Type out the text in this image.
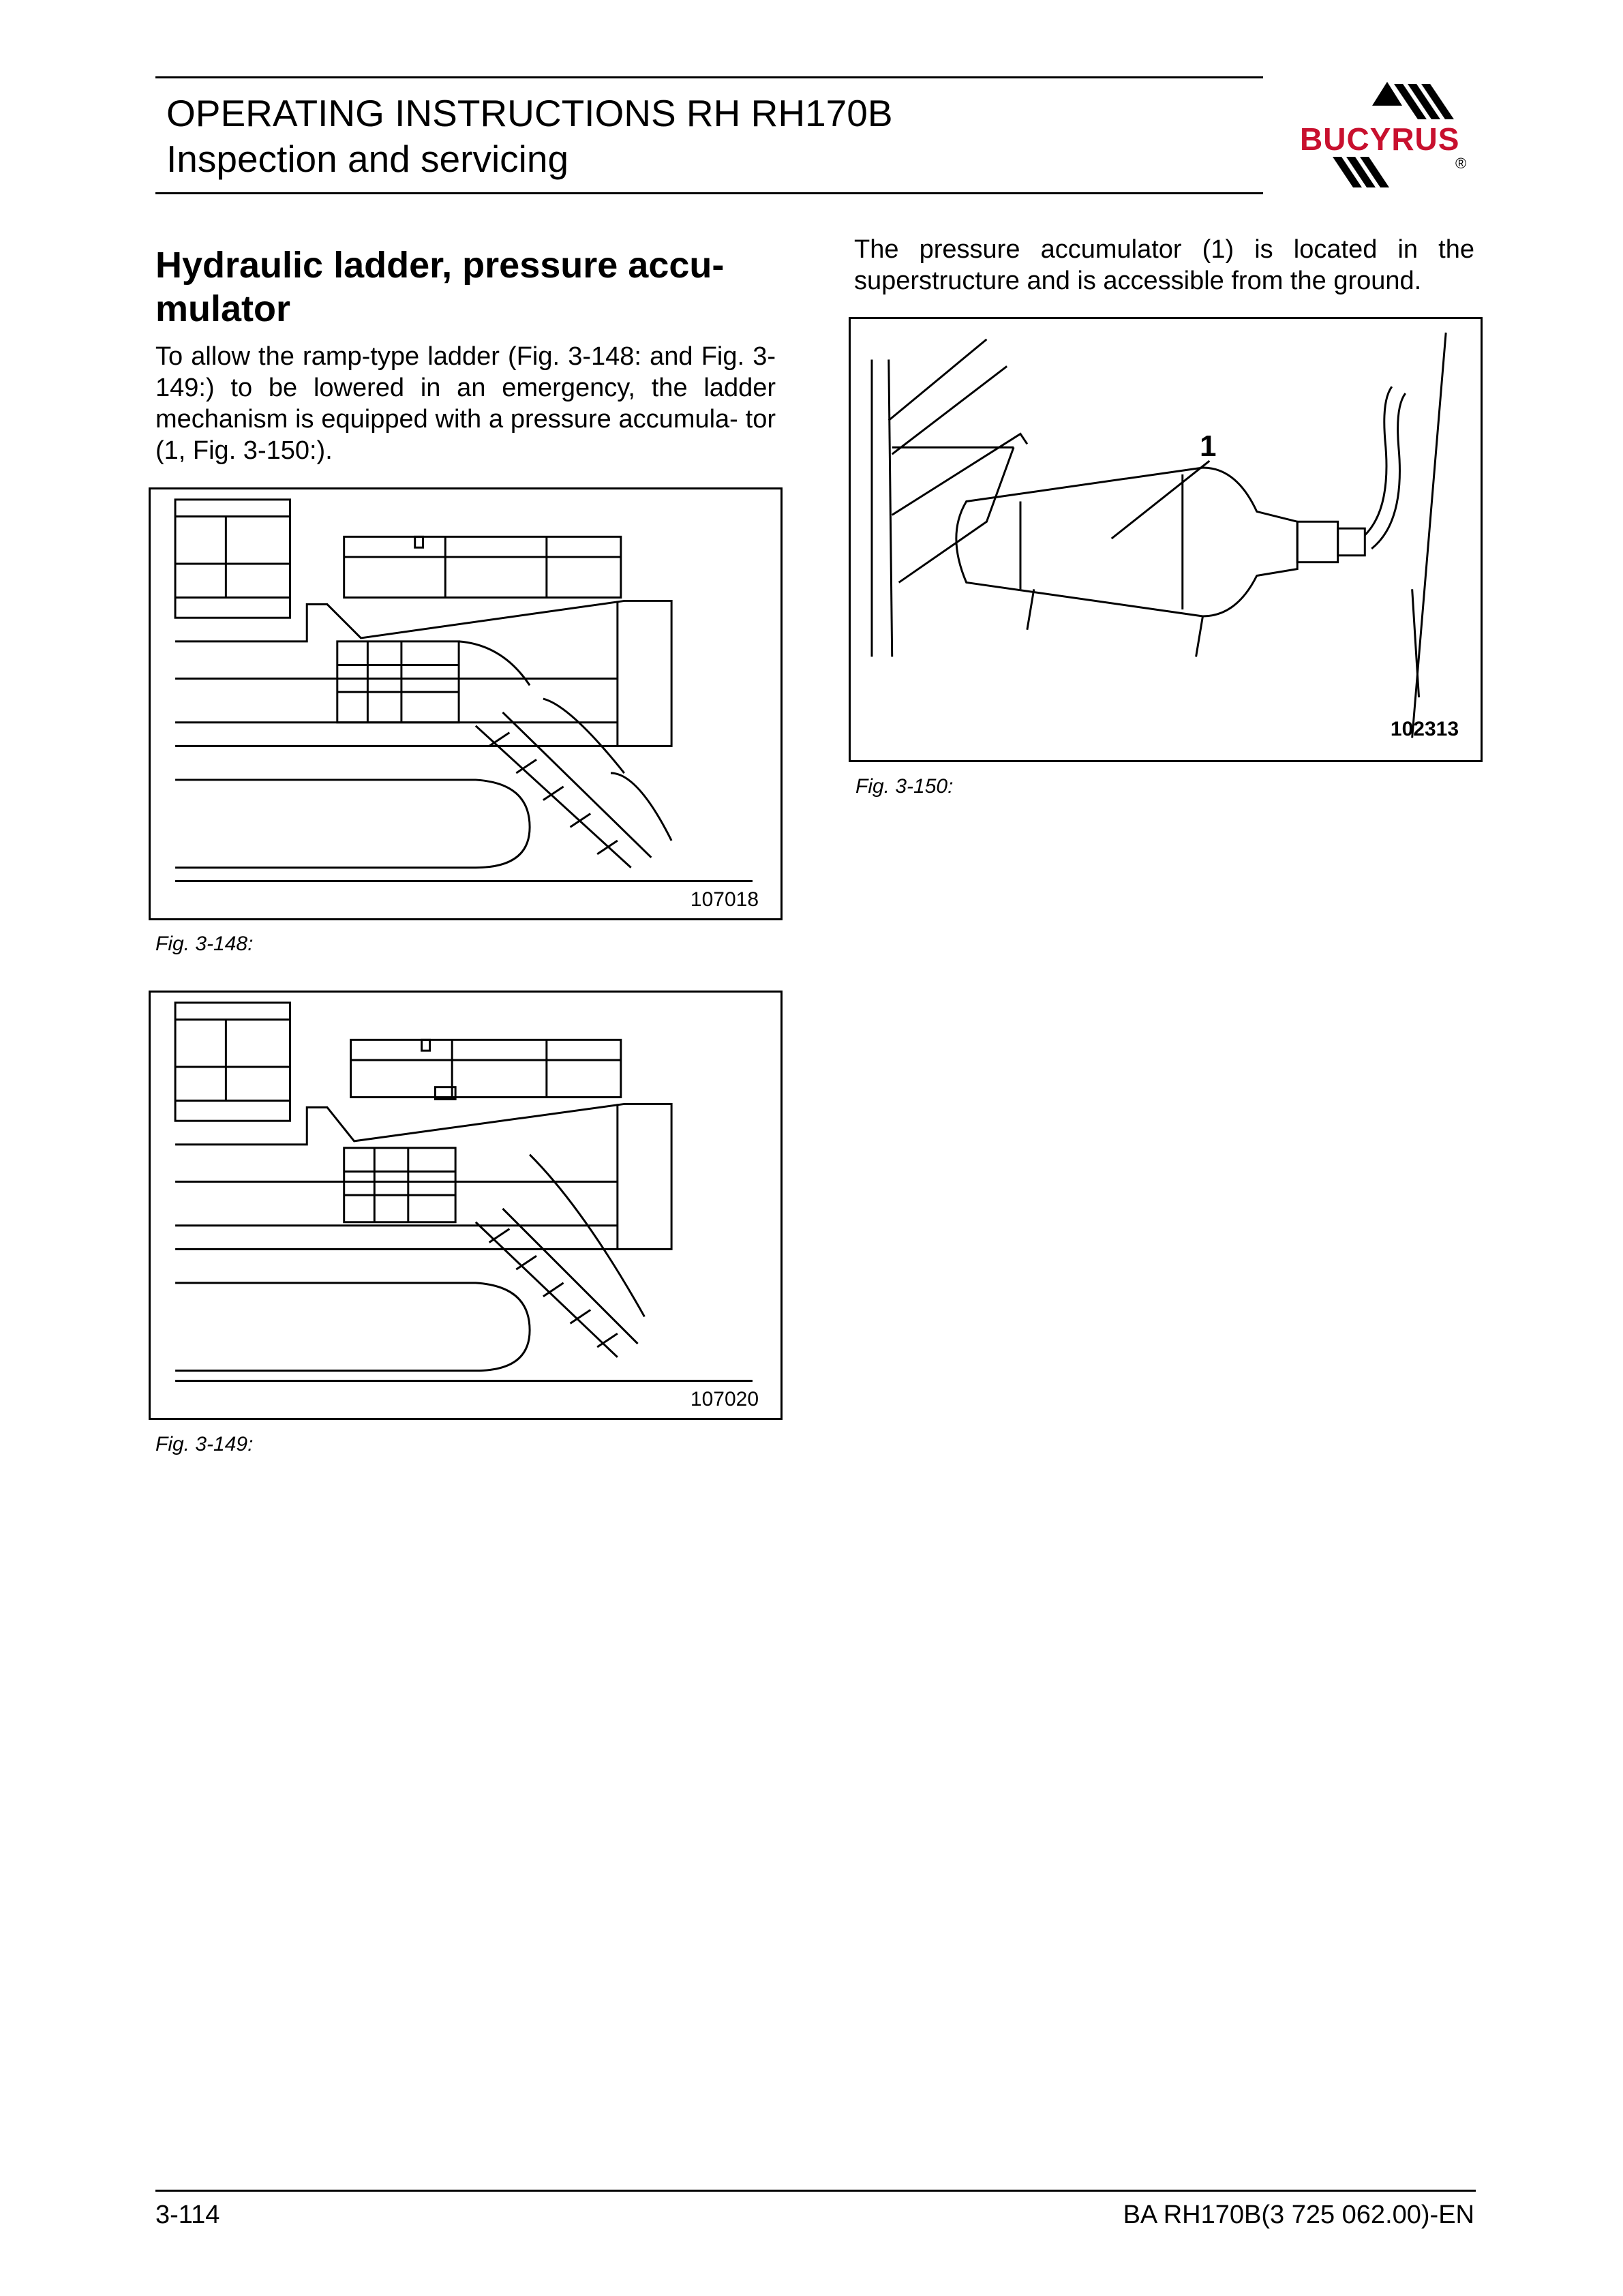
OPERATING INSTRUCTIONS RH RH170B
Inspection and servicing	BUCYRUS
®
Hydraulic ladder, pressure accu-
mulator
To allow the ramp-type ladder (Fig. 3-148: and Fig. 3-149:) to be lowered in an emergency, the ladder mechanism is equipped with a pressure accumula- tor (1, Fig. 3-150:).
107018
Fig. 3-148:
107020
Fig. 3-149:
The pressure accumulator (1) is located in the superstructure and is accessible from the ground.
1
102313
Fig. 3-150:
3-114	BA RH170B(3 725 062.00)-EN
